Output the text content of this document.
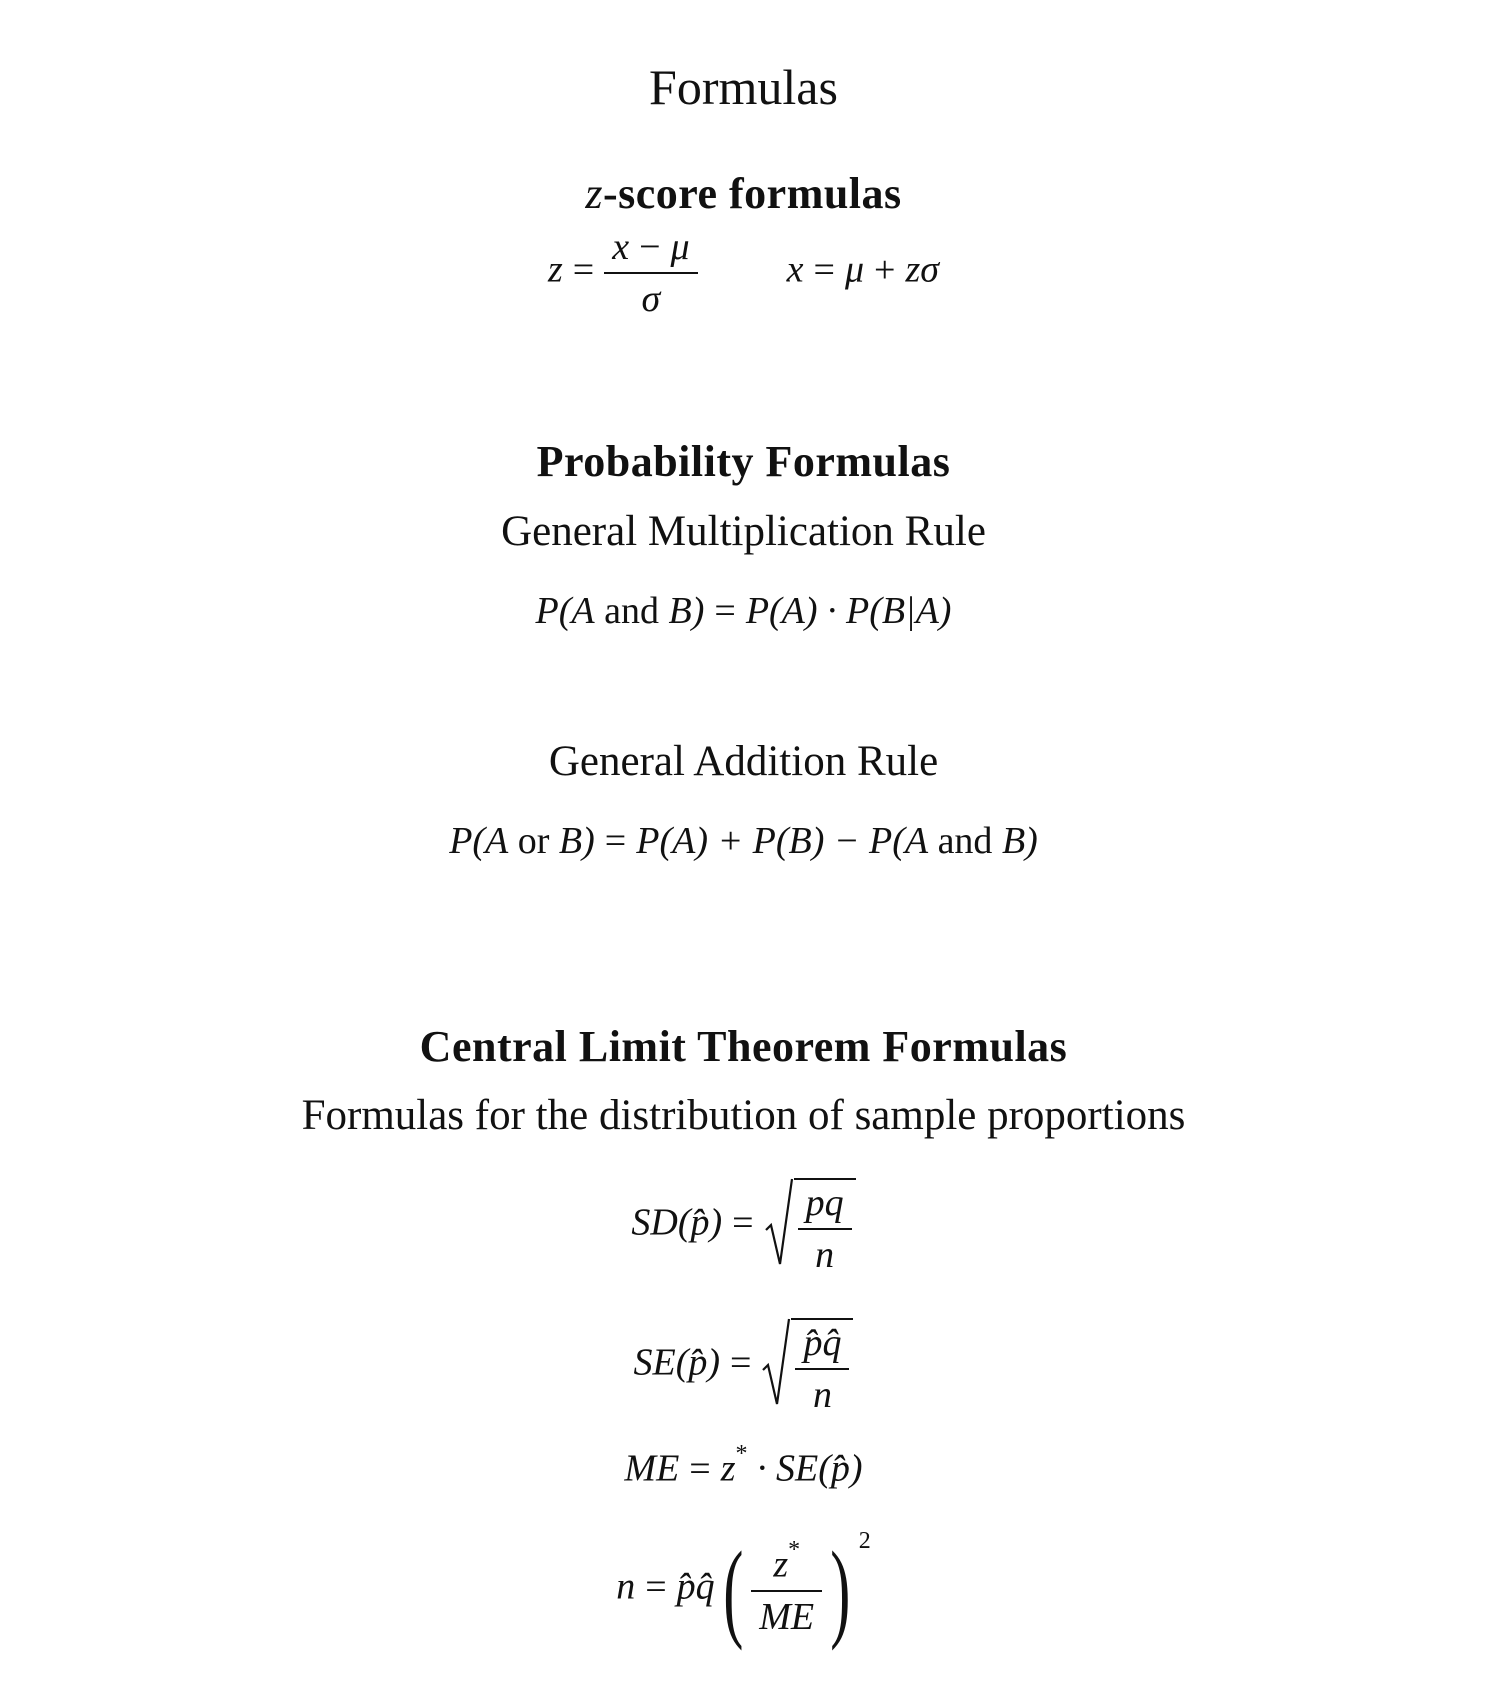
Formulas
z-score formulas
$z = \frac{x - \mu}{\sigma}$ x = μ + zσ
Probability Formulas
General Multiplication Rule
P(A and B) = P(A) · P(B|A)
General Addition Rule
P(A or B) = P(A) + P(B) − P(A and B)
Central Limit Theorem Formulas
Formulas for the distribution of sample proportions
SD(p̂) = $\frac{pq}{n}$
SE(p̂) = $\frac{p̂q̂}{n}$
ME = z* · SE(p̂)
n = p̂q̂( $\frac{z^*}{ME}$ ) $^2$
